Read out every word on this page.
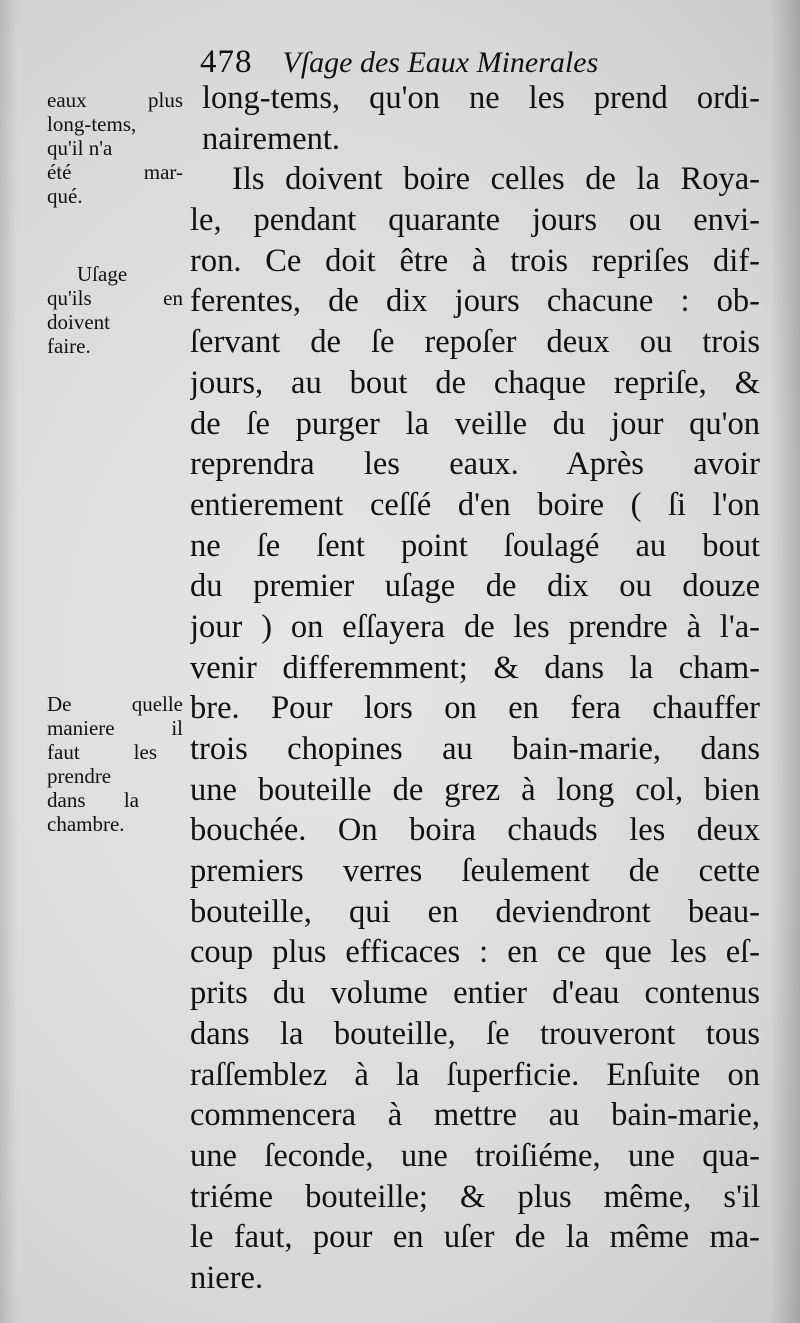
478 Vſage des Eaux Minerales
eaux plus
long-tems,
qu'il n'a
été mar-
qué.
Uſage
qu'ils en
doivent
faire.
De quelle
maniere il
faut les
prendre
dans la
chambre.
long-tems, qu'on ne les prend ordi-
nairement.
Ils doivent boire celles de la Roya-
le, pendant quarante jours ou envi-
ron. Ce doit être à trois repriſes dif-
ferentes, de dix jours chacune : ob-
ſervant de ſe repoſer deux ou trois
jours, au bout de chaque repriſe, &
de ſe purger la veille du jour qu'on
reprendra les eaux. Après avoir
entierement ceſſé d'en boire ( ſi l'on
ne ſe ſent point ſoulagé au bout
du premier uſage de dix ou douze
jour ) on eſſayera de les prendre à l'a-
venir differemment; & dans la cham-
bre. Pour lors on en fera chauffer
trois chopines au bain-marie, dans
une bouteille de grez à long col, bien
bouchée. On boira chauds les deux
premiers verres ſeulement de cette
bouteille, qui en deviendront beau-
coup plus efficaces : en ce que les eſ-
prits du volume entier d'eau contenus
dans la bouteille, ſe trouveront tous
raſſemblez à la ſuperficie. Enſuite on
commencera à mettre au bain-marie,
une ſeconde, une troiſiéme, une qua-
triéme bouteille; & plus même, s'il
le faut, pour en uſer de la même ma-
niere.
